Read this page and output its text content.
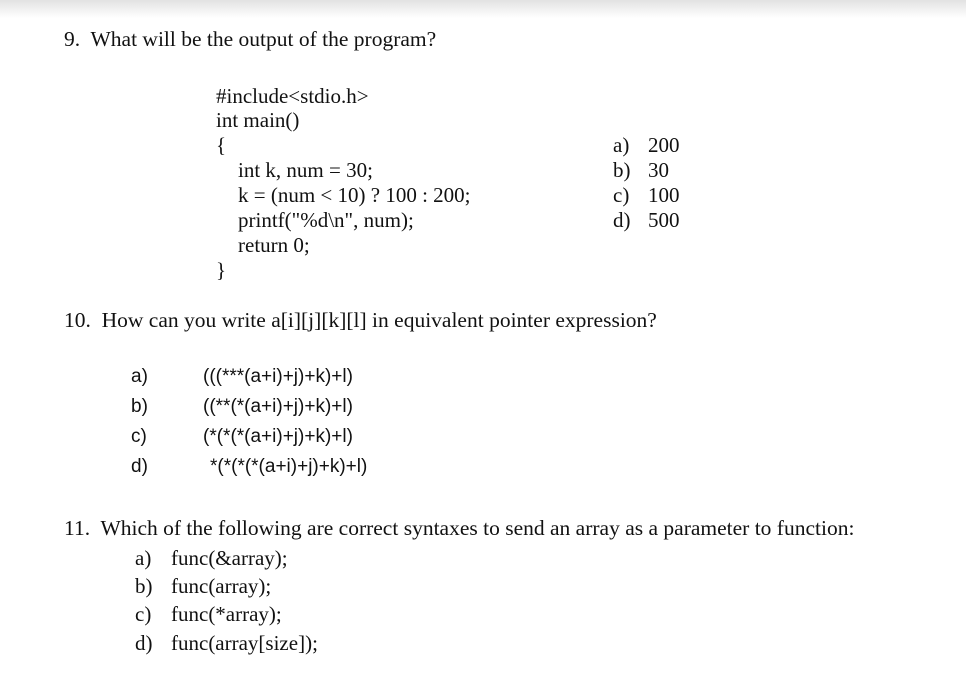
9.  What will be the output of the program?
#include<stdio.h>
int main()
{
int k, num = 30;
k = (num < 10) ? 100 : 200;
printf("%d\n", num);
return 0;
}
a) 200
b) 30
c) 100
d) 500
10.  How can you write a[i][j][k][l] in equivalent pointer expression?
a)	(((***(a+i)+j)+k)+l)
b)	((**(*(a+i)+j)+k)+l)
c)	(*(*(*(a+i)+j)+k)+l)
d)	*(*(*(*(a+i)+j)+k)+l)
11.  Which of the following are correct syntaxes to send an array as a parameter to function:
a) func(&array);
b) func(array);
c) func(*array);
d) func(array[size]);
